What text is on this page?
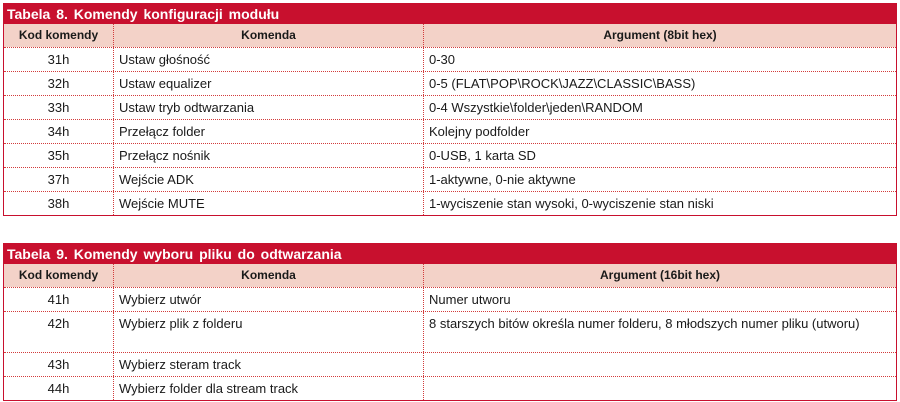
Tabela 8. Komendy konfiguracji modułu
Kod komendy	Komenda	Argument (8bit hex)
31h	Ustaw głośność	0-30
32h	Ustaw equalizer	0-5 (FLAT\POP\ROCK\JAZZ\CLASSIC\BASS)
33h	Ustaw tryb odtwarzania	0-4 Wszystkie\folder\jeden\RANDOM
34h	Przełącz folder	Kolejny podfolder
35h	Przełącz nośnik	0-USB, 1 karta SD
37h	Wejście ADK	1-aktywne, 0-nie aktywne
38h	Wejście MUTE	1-wyciszenie stan wysoki, 0-wyciszenie stan niski
Tabela 9. Komendy wyboru pliku do odtwarzania
Kod komendy	Komenda	Argument (16bit hex)
41h	Wybierz utwór	Numer utworu
42h	Wybierz plik z folderu	8 starszych bitów określa numer folderu, 8 młodszych numer pliku (utworu)
43h	Wybierz steram track
44h	Wybierz folder dla stream track
